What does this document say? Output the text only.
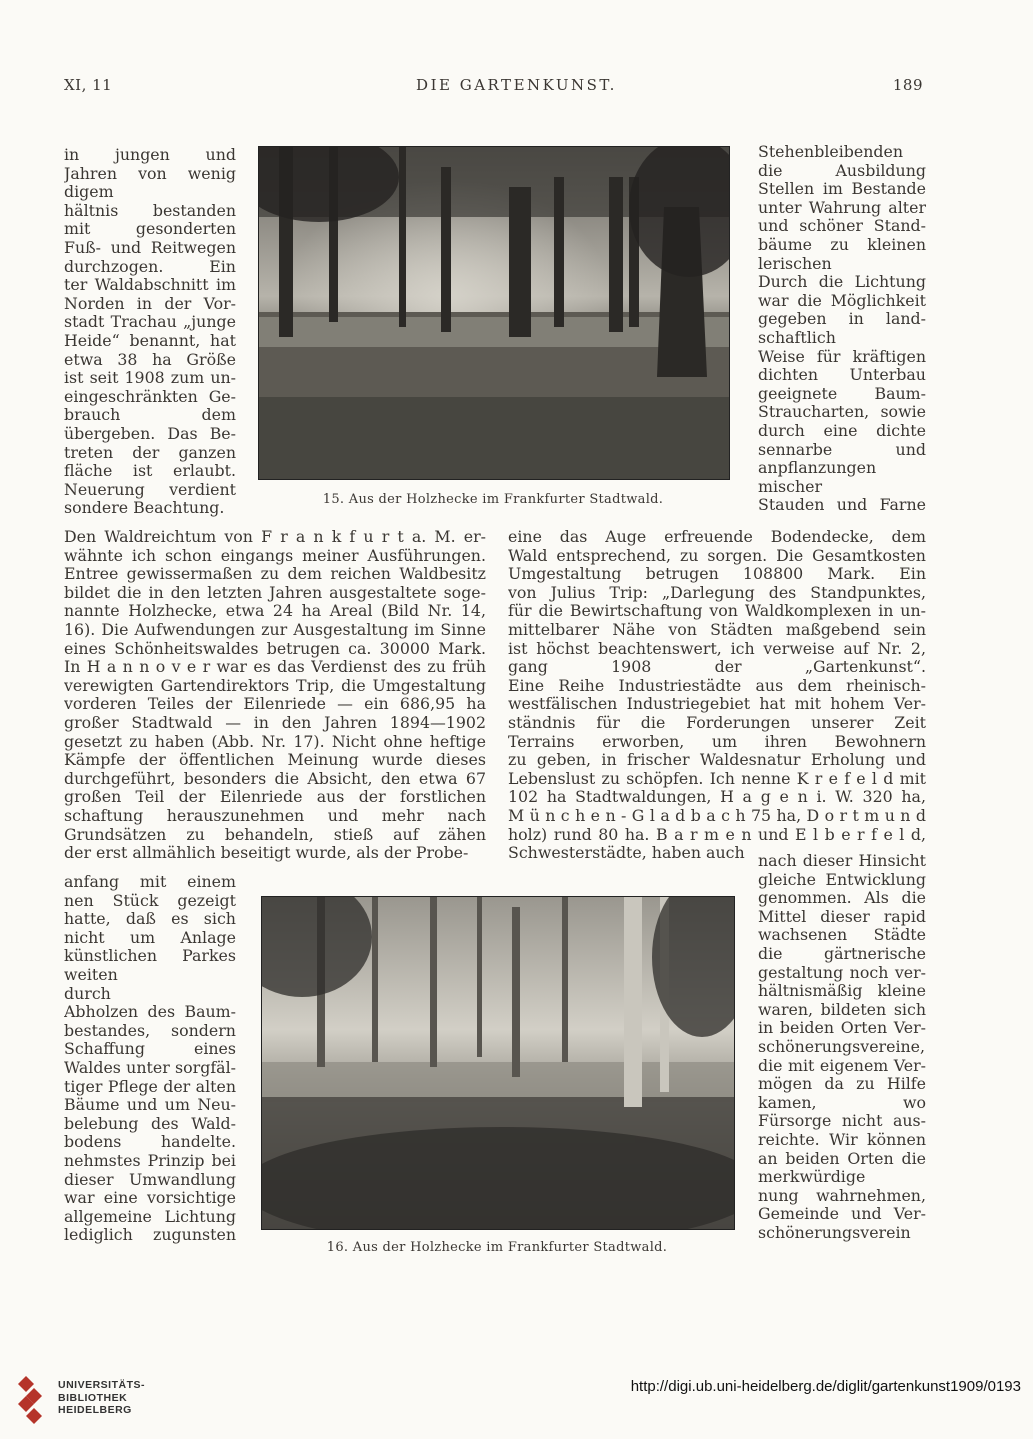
XI, 11	DIE GARTENKUNST.	189
in jungen und
Jahren von wenig
digem
hältnis bestanden
mit gesonderten
Fuß- und Reitwegen
durchzogen. Ein
ter Waldabschnitt im
Norden in der Vor-
stadt Trachau „junge
Heide“ benannt, hat
etwa 38 ha Größe
ist seit 1908 zum un-
eingeschränkten Ge-
brauch dem
übergeben. Das Be-
treten der ganzen
fläche ist erlaubt.
Neuerung verdient
sondere Beachtung.
Stehenbleibenden
die Ausbildung
Stellen im Bestande
unter Wahrung alter
und schöner Stand-
bäume zu kleinen
lerischen
Durch die Lichtung
war die Möglichkeit
gegeben in land-
schaftlich
Weise für kräftigen
dichten Unterbau
geeignete Baum-
Straucharten, sowie
durch eine dichte
sennarbe und
anpflanzungen
mischer
Stauden und Farne
15. Aus der Holzhecke im Frankfurter Stadtwald.
Den Waldreichtum von F r a n k f u r t a. M. er-
wähnte ich schon eingangs meiner Ausführungen.
Entree gewissermaßen zu dem reichen Waldbesitz
bildet die in den letzten Jahren ausgestaltete soge-
nannte Holzhecke, etwa 24 ha Areal (Bild Nr. 14,
16). Die Aufwendungen zur Ausgestaltung im Sinne
eines Schönheitswaldes betrugen ca. 30000 Mark.
In H a n n o v e r war es das Verdienst des zu früh
verewigten Gartendirektors Trip, die Umgestaltung
vorderen Teiles der Eilenriede — ein 686,95 ha
großer Stadtwald — in den Jahren 1894—1902
gesetzt zu haben (Abb. Nr. 17). Nicht ohne heftige
Kämpfe der öffentlichen Meinung wurde dieses
durchgeführt, besonders die Absicht, den etwa 67
großen Teil der Eilenriede aus der forstlichen
schaftung herauszunehmen und mehr nach
Grundsätzen zu behandeln, stieß auf zähen
der erst allmählich beseitigt wurde, als der Probe-
eine das Auge erfreuende Bodendecke, dem
Wald entsprechend, zu sorgen. Die Gesamtkosten
Umgestaltung betrugen 108800 Mark. Ein
von Julius Trip: „Darlegung des Standpunktes,
für die Bewirtschaftung von Waldkomplexen in un-
mittelbarer Nähe von Städten maßgebend sein
ist höchst beachtenswert, ich verweise auf Nr. 2,
gang 1908 der „Gartenkunst“.
Eine Reihe Industriestädte aus dem rheinisch-
westfälischen Industriegebiet hat mit hohem Ver-
ständnis für die Forderungen unserer Zeit
Terrains erworben, um ihren Bewohnern
zu geben, in frischer Waldesnatur Erholung und
Lebenslust zu schöpfen. Ich nenne K r e f e l d mit
102 ha Stadtwaldungen, H a g e n i. W. 320 ha,
M ü n c h e n - G l a d b a c h 75 ha, D o r t m u n d
holz) rund 80 ha. B a r m e n und E l b e r f e l d,
Schwesterstädte, haben auch
anfang mit einem
nen Stück gezeigt
hatte, daß es sich
nicht um Anlage
künstlichen Parkes
weiten
durch
Abholzen des Baum-
bestandes, sondern
Schaffung eines
Waldes unter sorgfäl-
tiger Pflege der alten
Bäume und um Neu-
belebung des Wald-
bodens handelte.
nehmstes Prinzip bei
dieser Umwandlung
war eine vorsichtige
allgemeine Lichtung
lediglich zugunsten
nach dieser Hinsicht
gleiche Entwicklung
genommen. Als die
Mittel dieser rapid
wachsenen Städte
die gärtnerische
gestaltung noch ver-
hältnismäßig kleine
waren, bildeten sich
in beiden Orten Ver-
schönerungsvereine,
die mit eigenem Ver-
mögen da zu Hilfe
kamen, wo
Fürsorge nicht aus-
reichte. Wir können
an beiden Orten die
merkwürdige
nung wahrnehmen,
Gemeinde und Ver-
schönerungsverein
16. Aus der Holzhecke im Frankfurter Stadtwald.
UNIVERSITÄTS-
BIBLIOTHEK
HEIDELBERG
http://digi.ub.uni-heidelberg.de/diglit/gartenkunst1909/0193
